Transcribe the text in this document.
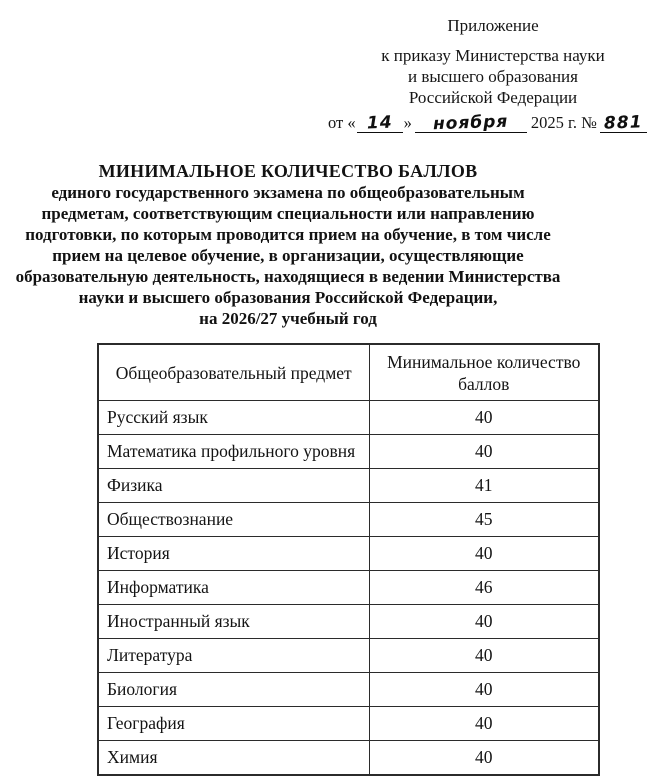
Приложение
к приказу Министерства науки
и высшего образования
Российской Федерации
от « 14 » ноября 2025 г. № 881
МИНИМАЛЬНОЕ КОЛИЧЕСТВО БАЛЛОВ
единого государственного экзамена по общеобразовательным
предметам, соответствующим специальности или направлению
подготовки, по которым проводится прием на обучение, в том числе
прием на целевое обучение, в организации, осуществляющие
образовательную деятельность, находящиеся в ведении Министерства
науки и высшего образования Российской Федерации,
на 2026/27 учебный год
Общеобразовательный предмет	Минимальное количество баллов
Русский язык	40
Математика профильного уровня	40
Физика	41
Обществознание	45
История	40
Информатика	46
Иностранный язык	40
Литература	40
Биология	40
География	40
Химия	40
